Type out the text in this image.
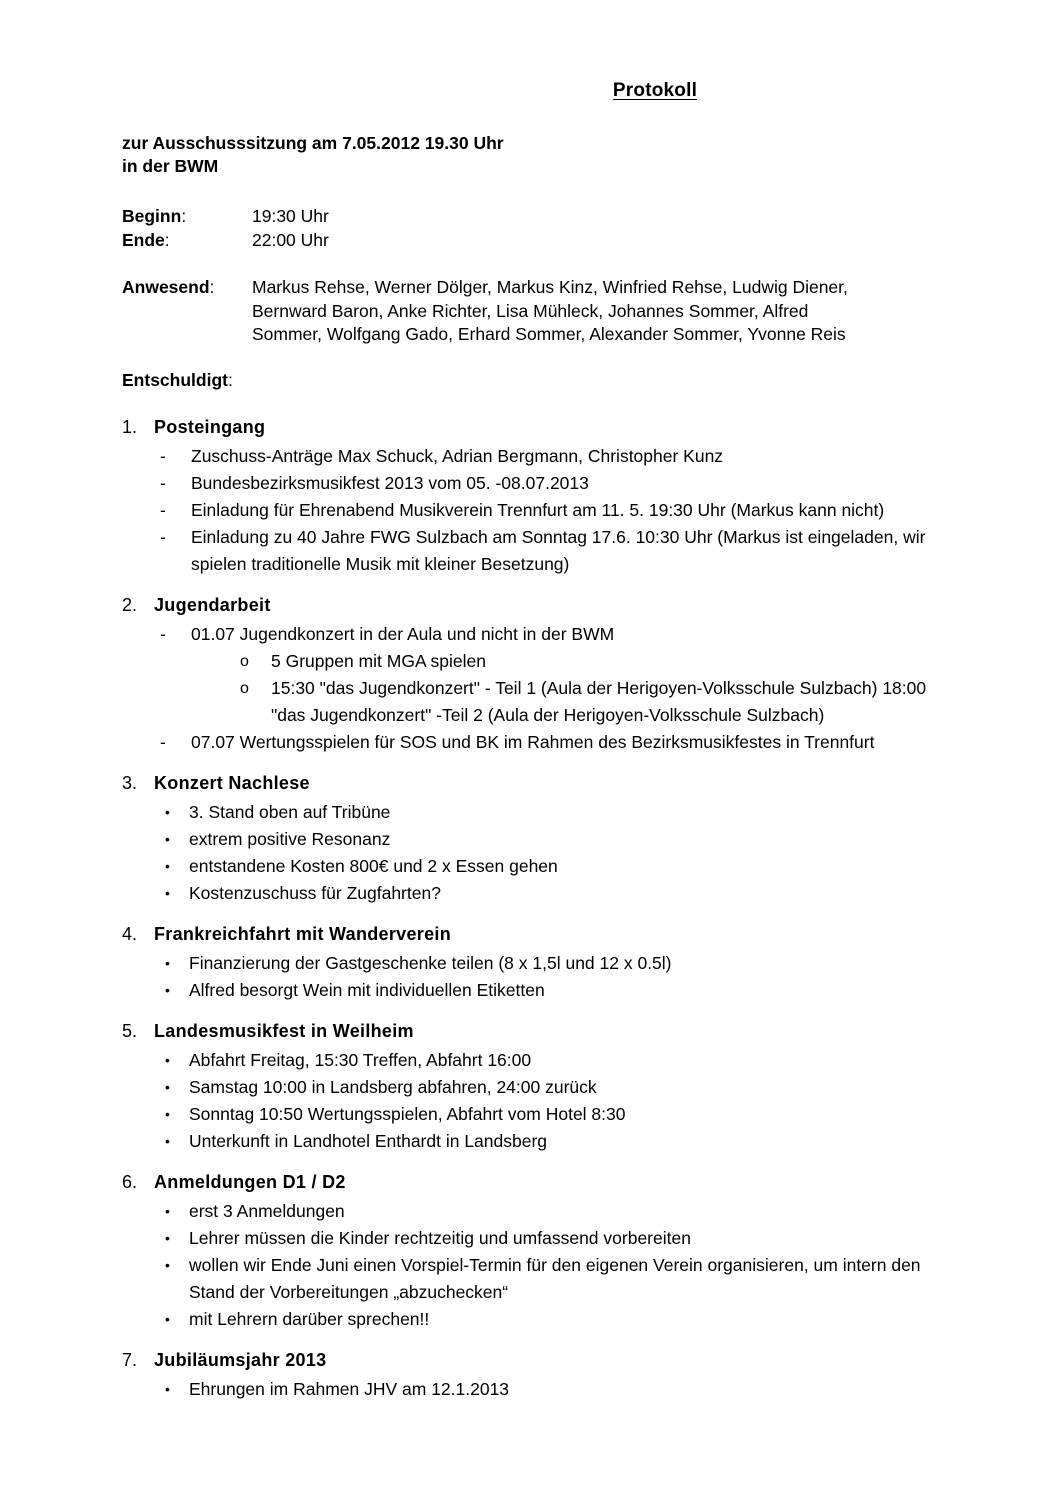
Protokoll
zur Ausschusssitzung am 7.05.2012 19.30 Uhr
in der BWM
Beginn:	19:30 Uhr
Ende:	22:00 Uhr
Anwesend:	Markus Rehse, Werner Dölger, Markus Kinz, Winfried Rehse, Ludwig Diener,
Bernward Baron, Anke Richter, Lisa Mühleck, Johannes Sommer, Alfred
Sommer, Wolfgang Gado, Erhard Sommer, Alexander Sommer, Yvonne Reis
Entschuldigt:
1. Posteingang
-	Zuschuss-Anträge Max Schuck, Adrian Bergmann, Christopher Kunz
-	Bundesbezirksmusikfest 2013 vom 05. -08.07.2013
-	Einladung für Ehrenabend Musikverein Trennfurt am 11. 5. 19:30 Uhr (Markus kann nicht)
-	Einladung zu 40 Jahre FWG Sulzbach am Sonntag 17.6. 10:30 Uhr (Markus ist eingeladen, wir spielen traditionelle Musik mit kleiner Besetzung)
2. Jugendarbeit
-	01.07 Jugendkonzert in der Aula und nicht in der BWM
o	5 Gruppen mit MGA spielen
o	15:30 "das Jugendkonzert" - Teil 1 (Aula der Herigoyen-Volksschule Sulzbach) 18:00 "das Jugendkonzert" -Teil 2 (Aula der Herigoyen-Volksschule Sulzbach)
-	07.07 Wertungsspielen für SOS und BK im Rahmen des Bezirksmusikfestes in Trennfurt
3. Konzert Nachlese
•	3. Stand oben auf Tribüne
•	extrem positive Resonanz
•	entstandene Kosten 800€ und 2 x Essen gehen
•	Kostenzuschuss für Zugfahrten?
4. Frankreichfahrt mit Wanderverein
•	Finanzierung der Gastgeschenke teilen (8 x 1,5l und 12 x 0.5l)
•	Alfred besorgt Wein mit individuellen Etiketten
5. Landesmusikfest in Weilheim
•	Abfahrt Freitag, 15:30 Treffen, Abfahrt 16:00
•	Samstag 10:00 in Landsberg abfahren, 24:00 zurück
•	Sonntag 10:50 Wertungsspielen, Abfahrt vom Hotel 8:30
•	Unterkunft in Landhotel Enthardt in Landsberg
6. Anmeldungen D1 / D2
•	erst 3 Anmeldungen
•	Lehrer müssen die Kinder rechtzeitig und umfassend vorbereiten
•	wollen wir Ende Juni einen Vorspiel-Termin für den eigenen Verein organisieren, um intern den Stand der Vorbereitungen „abzuchecken“
•	mit Lehrern darüber sprechen!!
7. Jubiläumsjahr 2013
•	Ehrungen im Rahmen JHV am 12.1.2013
